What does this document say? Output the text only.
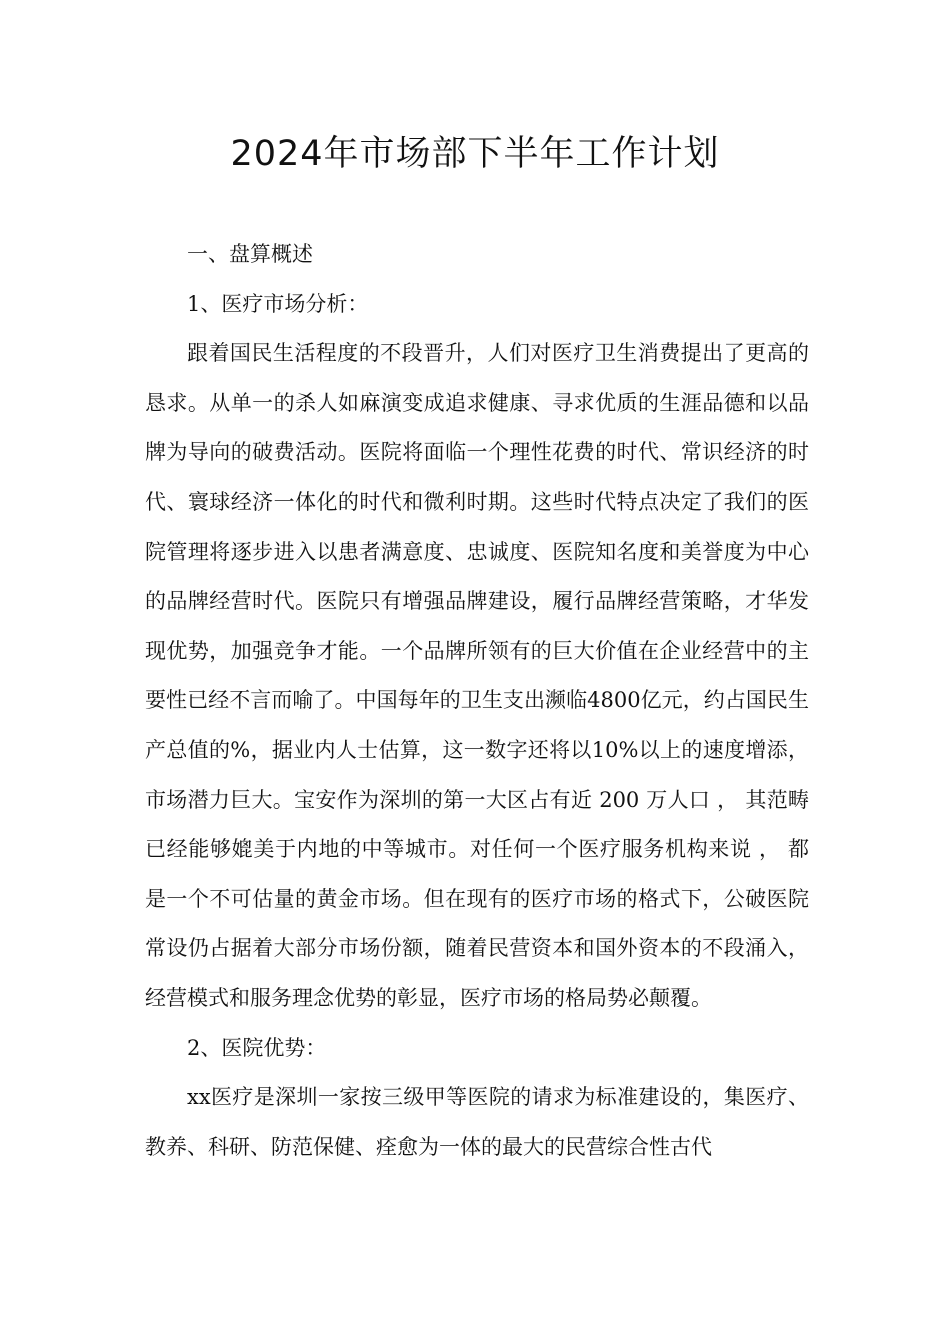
2024年市场部下半年工作计划

一、盘算概述

1、医疗市场分析：

跟着国民生活程度的不段晋升，人们对医疗卫生消费提出了更高的恳求。从单一的杀人如麻演变成追求健康、寻求优质的生涯品德和以品牌为导向的破费活动。医院将面临一个理性花费的时代、常识经济的时代、寰球经济一体化的时代和微利时期。这些时代特点决定了我们的医院管理将逐步进入以患者满意度、忠诚度、医院知名度和美誉度为中心的品牌经营时代。医院只有增强品牌建设，履行品牌经营策略，才华发现优势，加强竞争才能。一个品牌所领有的巨大价值在企业经营中的主要性已经不言而喻了。中国每年的卫生支出濒临4800亿元，约占国民生产总值的%，据业内人士估算，这一数字还将以10%以上的速度增添，市场潜力巨大。宝安作为深圳的第一大区占有近 200 万人口 ， 其范畴已经能够媲美于内地的中等城市。对任何一个医疗服务机构来说 ， 都是一个不可估量的黄金市场。但在现有的医疗市场的格式下，公破医院常设仍占据着大部分市场份额，随着民营资本和国外资本的不段涌入，经营模式和服务理念优势的彰显，医疗市场的格局势必颠覆。

2、医院优势：

xx医疗是深圳一家按三级甲等医院的请求为标准建设的，集医疗、教养、科研、防范保健、痊愈为一体的最大的民营综合性古代
